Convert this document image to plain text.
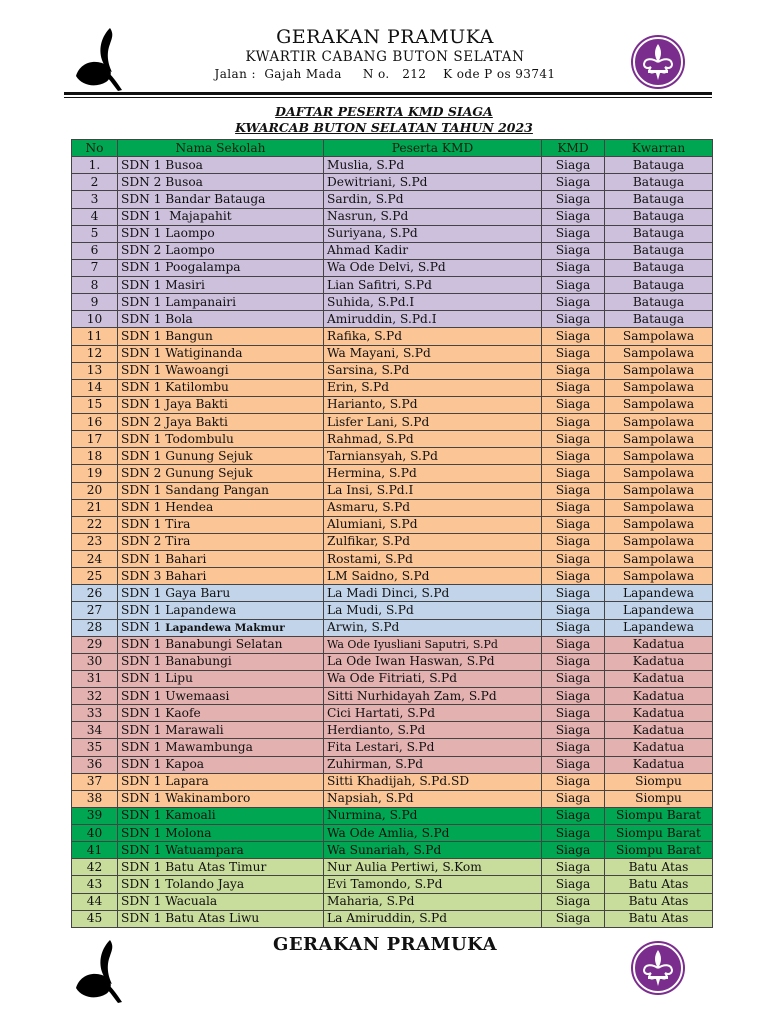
GERAKAN PRAMUKA
KWARTIR CABANG BUTON SELATAN
Jalan :  Gajah Mada     N o.   212    K ode P os 93741
DAFTAR PESERTA KMD SIAGA
KWARCAB BUTON SELATAN TAHUN 2023
No	Nama Sekolah	Peserta KMD	KMD	Kwarran
1.	SDN 1 Busoa	Muslia, S.Pd	Siaga	Batauga
2	SDN 2 Busoa	Dewitriani, S.Pd	Siaga	Batauga
3	SDN 1 Bandar Batauga	Sardin, S.Pd	Siaga	Batauga
4	SDN 1  Majapahit	Nasrun, S.Pd	Siaga	Batauga
5	SDN 1 Laompo	Suriyana, S.Pd	Siaga	Batauga
6	SDN 2 Laompo	Ahmad Kadir	Siaga	Batauga
7	SDN 1 Poogalampa	Wa Ode Delvi, S.Pd	Siaga	Batauga
8	SDN 1 Masiri	Lian Safitri, S.Pd	Siaga	Batauga
9	SDN 1 Lampanairi	Suhida, S.Pd.I	Siaga	Batauga
10	SDN 1 Bola	Amiruddin, S.Pd.I	Siaga	Batauga
11	SDN 1 Bangun	Rafika, S.Pd	Siaga	Sampolawa
12	SDN 1 Watiginanda	Wa Mayani, S.Pd	Siaga	Sampolawa
13	SDN 1 Wawoangi	Sarsina, S.Pd	Siaga	Sampolawa
14	SDN 1 Katilombu	Erin, S.Pd	Siaga	Sampolawa
15	SDN 1 Jaya Bakti	Harianto, S.Pd	Siaga	Sampolawa
16	SDN 2 Jaya Bakti	Lisfer Lani, S.Pd	Siaga	Sampolawa
17	SDN 1 Todombulu	Rahmad, S.Pd	Siaga	Sampolawa
18	SDN 1 Gunung Sejuk	Tarniansyah, S.Pd	Siaga	Sampolawa
19	SDN 2 Gunung Sejuk	Hermina, S.Pd	Siaga	Sampolawa
20	SDN 1 Sandang Pangan	La Insi, S.Pd.I	Siaga	Sampolawa
21	SDN 1 Hendea	Asmaru, S.Pd	Siaga	Sampolawa
22	SDN 1 Tira	Alumiani, S.Pd	Siaga	Sampolawa
23	SDN 2 Tira	Zulfikar, S.Pd	Siaga	Sampolawa
24	SDN 1 Bahari	Rostami, S.Pd	Siaga	Sampolawa
25	SDN 3 Bahari	LM Saidno, S.Pd	Siaga	Sampolawa
26	SDN 1 Gaya Baru	La Madi Dinci, S.Pd	Siaga	Lapandewa
27	SDN 1 Lapandewa	La Mudi, S.Pd	Siaga	Lapandewa
28	SDN 1 Lapandewa Makmur	Arwin, S.Pd	Siaga	Lapandewa
29	SDN 1 Banabungi Selatan	Wa Ode Iyusliani Saputri, S.Pd	Siaga	Kadatua
30	SDN 1 Banabungi	La Ode Iwan Haswan, S.Pd	Siaga	Kadatua
31	SDN 1 Lipu	Wa Ode Fitriati, S.Pd	Siaga	Kadatua
32	SDN 1 Uwemaasi	Sitti Nurhidayah Zam, S.Pd	Siaga	Kadatua
33	SDN 1 Kaofe	Cici Hartati, S.Pd	Siaga	Kadatua
34	SDN 1 Marawali	Herdianto, S.Pd	Siaga	Kadatua
35	SDN 1 Mawambunga	Fita Lestari, S.Pd	Siaga	Kadatua
36	SDN 1 Kapoa	Zuhirman, S.Pd	Siaga	Kadatua
37	SDN 1 Lapara	Sitti Khadijah, S.Pd.SD	Siaga	Siompu
38	SDN 1 Wakinamboro	Napsiah, S.Pd	Siaga	Siompu
39	SDN 1 Kamoali	Nurmina, S.Pd	Siaga	Siompu Barat
40	SDN 1 Molona	Wa Ode Amlia, S.Pd	Siaga	Siompu Barat
41	SDN 1 Watuampara	Wa Sunariah, S.Pd	Siaga	Siompu Barat
42	SDN 1 Batu Atas Timur	Nur Aulia Pertiwi, S.Kom	Siaga	Batu Atas
43	SDN 1 Tolando Jaya	Evi Tamondo, S.Pd	Siaga	Batu Atas
44	SDN 1 Wacuala	Maharia, S.Pd	Siaga	Batu Atas
45	SDN 1 Batu Atas Liwu	La Amiruddin, S.Pd	Siaga	Batu Atas
GERAKAN PRAMUKA
